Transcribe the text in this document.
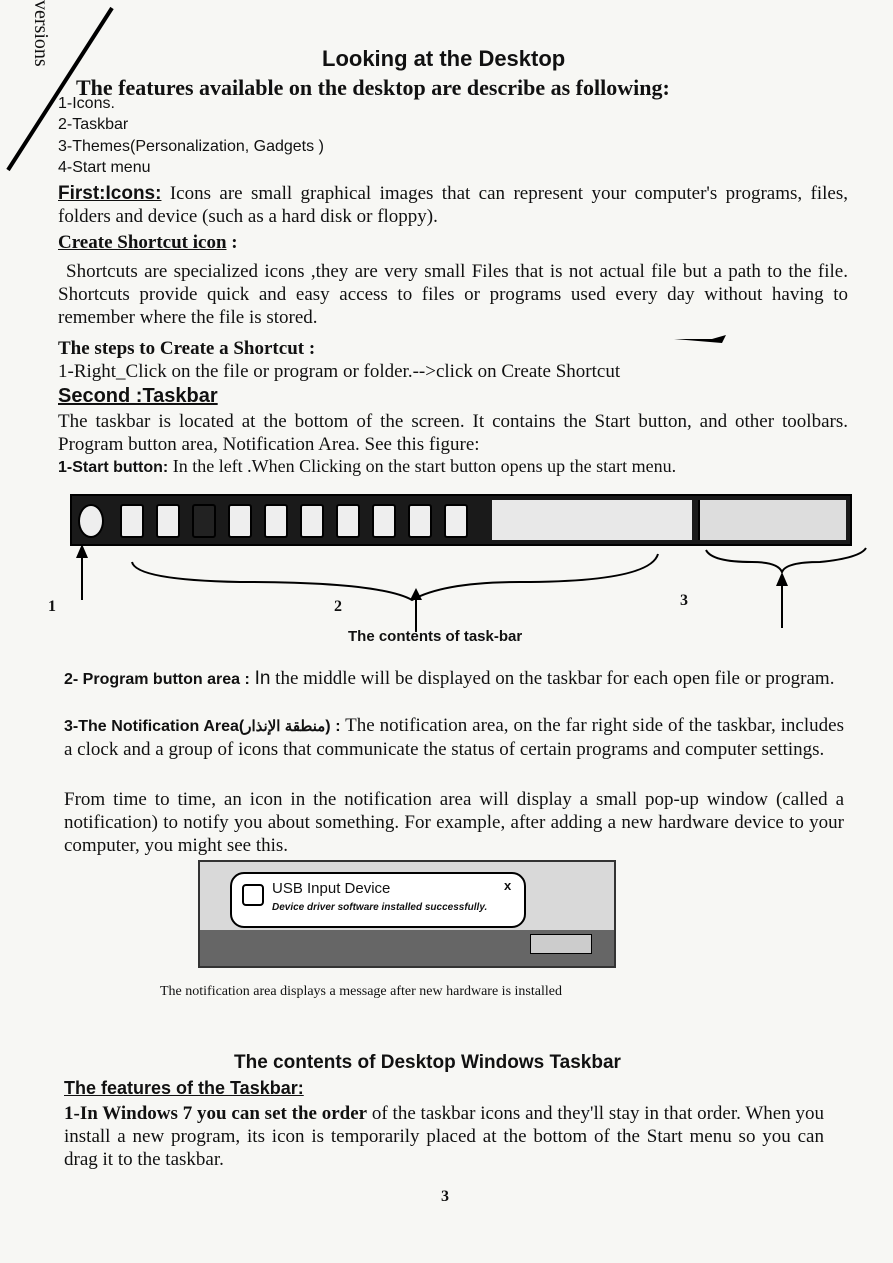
versions	Looking at the Desktop
The features available on the desktop are describe as following:
1-Icons.
2-Taskbar
3-Themes(Personalization, Gadgets )
4-Start menu
First:Icons: Icons are small graphical images that can represent your computer's programs, files, folders and device (such as a hard disk or floppy).
Create Shortcut icon :
Shortcuts are specialized icons ,they are very small Files that is not actual file but a path to the file. Shortcuts provide quick and easy access to files or programs used every day without having to remember where the file is stored.
The steps to Create a Shortcut :
1-Right_Click on the file or program or folder.-->click on Create Shortcut
Second :Taskbar
The taskbar is located at the bottom of the screen. It contains the Start button, and other toolbars. Program button area, Notification Area. See this figure:
1-Start button: In the left .When Clicking on the start button opens up the start menu.
1	2	3
The contents of task-bar
2- Program button area : In the middle will be displayed on the taskbar for each open file or program.
3-The Notification Area(منطقة الإنذار) : The notification area, on the far right side of the taskbar, includes a clock and a group of icons that communicate the status of certain programs and computer settings.
From time to time, an icon in the notification area will display a small pop-up window (called a notification) to notify you about something. For example, after adding a new hardware device to your computer, you might see this.
USB Input Device
Device driver software installed successfully.
x
The notification area displays a message after new hardware is installed
The contents of Desktop Windows Taskbar
The features of the Taskbar:
1-In Windows 7 you can set the order of the taskbar icons and they'll stay in that order. When you install a new program, its icon is temporarily placed at the bottom of the Start menu so you can drag it to the taskbar.
3
